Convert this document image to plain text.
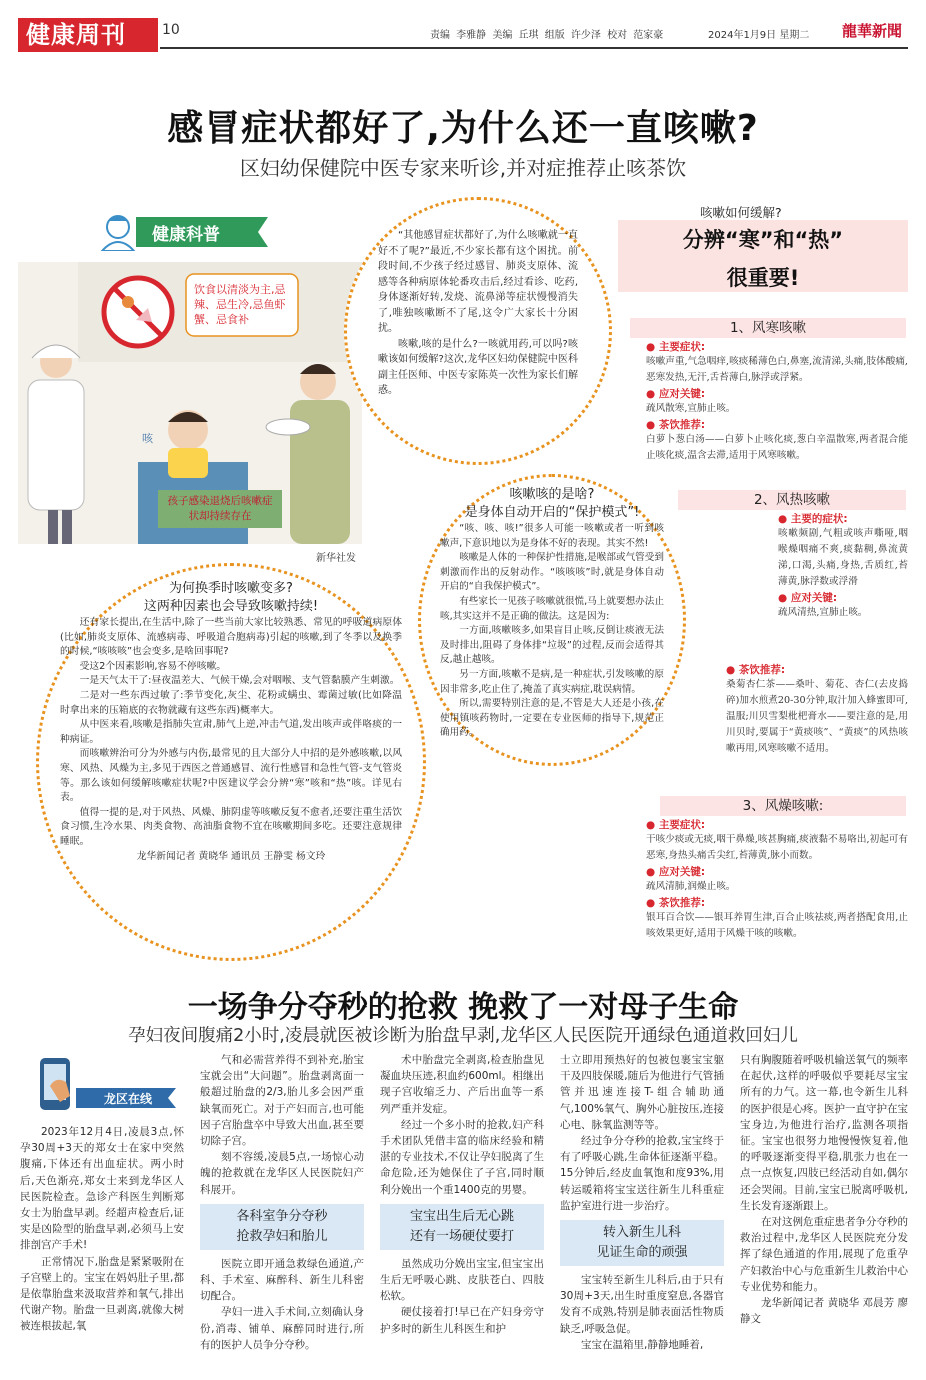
健康周刊	10	责编 李雅静 美编 丘琪 组版 许少泽 校对 范家豪	2024年1月9日 星期二 龍華新聞
感冒症状都好了,为什么还一直咳嗽?
区妇幼保健院中医专家来听诊,并对症推荐止咳茶饮
健康科普
饮食以清淡为主,忌辣、忌生冷,忌鱼虾蟹、忌食补
咳
孩子感染退烧后咳嗽症状却持续存在
新华社发

“其他感冒症状都好了,为什么咳嗽就一直好不了呢?”最近,不少家长都有这个困扰。前段时间,不少孩子经过感冒、肺炎支原体、流感等各种病原体轮番攻击后,经过看诊、吃药,身体逐渐好转,发烧、流鼻涕等症状慢慢消失了,唯独咳嗽断不了尾,这令广大家长十分困扰。

咳嗽,咳的是什么?一咳就用药,可以吗?咳嗽该如何缓解?这次,龙华区妇幼保健院中医科副主任医师、中医专家陈英一次性为家长们解惑。

咳嗽咳的是啥?
是身体自动开启的“保护模式”!

“咳、咳、咳!”很多人可能一咳嗽或者一听到咳嗽声,下意识地以为是身体不好的表现。其实不然!

咳嗽是人体的一种保护性措施,是喉部或气管受到刺激而作出的反射动作。“咳咳咳”时,就是身体自动开启的“自我保护模式”。

有些家长一见孩子咳嗽就很慌,马上就要想办法止咳,其实这并不是正确的做法。这是因为:

一方面,咳嗽咳多,如果盲目止咳,反倒让痰液无法及时排出,阻碍了身体排“垃圾”的过程,反而会适得其反,越止越咳。

另一方面,咳嗽不是病,是一种症状,引发咳嗽的原因非常多,吃止住了,掩盖了真实病症,耽误病情。

所以,需要特别注意的是,不管是大人还是小孩,在使用镇咳药物时,一定要在专业医师的指导下,规范正确用药。

为何换季时咳嗽变多?
这两种因素也会导致咳嗽持续!

还有家长提出,在生活中,除了一些当前大家比较熟悉、常见的呼吸道病原体(比如,肺炎支原体、流感病毒、呼吸道合胞病毒)引起的咳嗽,到了冬季以及换季的时候,“咳咳咳”也会变多,是啥回事呢?

受这2个因素影响,容易不停咳嗽。

一是天气太干了:昼夜温差大、气候干燥,会对咽喉、支气管黏膜产生刺激。

二是对一些东西过敏了:季节变化,灰尘、花粉或螨虫、霉菌过敏(比如降温时拿出来的压箱底的衣物就藏有这些东西)概率大。

从中医来看,咳嗽是指肺失宣肃,肺气上逆,冲击气道,发出咳声或伴咯痰的一种病证。

而咳嗽辨治可分为外感与内伤,最常见的且大部分人中招的是外感咳嗽,以风寒、风热、风燥为主,多见于西医之普通感冒、流行性感冒和急性气管-支气管炎等。那么该如何缓解咳嗽症状呢?中医建议学会分辨“寒”咳和“热”咳。详见右表。

值得一提的是,对于风热、风燥、肺阴虚等咳嗽反复不愈者,还要注重生活饮食习惯,生冷水果、肉类食物、高油脂食物不宜在咳嗽期间多吃。还要注意规律睡眠。

龙华新闻记者 黄晓华 通讯员 王静雯 杨文玲

咳嗽如何缓解?
分辨“寒”和“热”
很重要!
1、风寒咳嗽
● 主要症状:
咳嗽声重,气急咽痒,咳痰稀薄色白,鼻塞,流清涕,头痛,肢体酸痛,恶寒发热,无汗,舌苔薄白,脉浮或浮紧。
● 应对关键:
疏风散寒,宣肺止咳。
● 茶饮推荐:
白萝卜葱白汤——白萝卜止咳化痰,葱白辛温散寒,两者混合能止咳化痰,温含去滞,适用于风寒咳嗽。
2、风热咳嗽
● 主要的症状:
咳嗽频剧,气粗或咳声嘶哑,咽喉燥咽痛不爽,痰黏稠,鼻流黄涕,口渴,头痛,身热,舌质红,苔薄黄,脉浮数或浮滑
● 应对关键:
疏风清热,宣肺止咳。
● 茶饮推荐:
桑菊杏仁茶——桑叶、菊花、杏仁(去皮捣碎)加水煎煮20-30分钟,取汁加入蜂蜜即可,温服;川贝雪梨枇杷膏水——要注意的是,用川贝时,要属于“黄痰咳”、“黄痰”的风热咳嗽再用,风寒咳嗽不适用。
3、风燥咳嗽:
● 主要症状:
干咳少痰或无痰,咽干鼻燥,咳甚胸痛,痰液黏不易咯出,初起可有恶寒,身热头痛舌尖红,苔薄黄,脉小而数。
● 应对关键:
疏风清肺,润燥止咳。
● 茶饮推荐:
银耳百合饮——银耳养胃生津,百合止咳祛痰,两者搭配食用,止咳效果更好,适用于风燥干咳的咳嗽。
一场争分夺秒的抢救 挽救了一对母子生命
孕妇夜间腹痛2小时,凌晨就医被诊断为胎盘早剥,龙华区人民医院开通绿色通道救回妇儿
龙区在线

2023年12月4日,凌晨3点,怀孕30周+3天的郑女士在家中突然腹痛,下体还有出血症状。两小时后,天色渐亮,郑女士来到龙华区人民医院检查。急诊产科医生判断郑女士为胎盘早剥。经超声检查后,证实是凶险型的胎盘早剥,必须马上安排剖宫产手术!

正常情况下,胎盘是紧紧吸附在子宫壁上的。宝宝在妈妈肚子里,都是依靠胎盘来汲取营养和氧气,排出代谢产物。胎盘一旦剥离,就像大树被连根拔起,氧

气和必需营养得不到补充,胎宝宝就会出“大问题”。胎盘剥离面一般超过胎盘的2/3,胎儿多会因严重缺氧而死亡。对于产妇而言,也可能因子宫胎盘卒中导致大出血,甚至要切除子宫。

刻不容缓,凌晨5点,一场惊心动魄的抢救就在龙华区人民医院妇产科展开。

各科室争分夺秒
抢救孕妇和胎儿

医院立即开通急救绿色通道,产科、手术室、麻醉科、新生儿科密切配合。

孕妇一进入手术间,立刻确认身份,消毒、铺单、麻醉同时进行,所有的医护人员争分夺秒。

术中胎盘完全剥离,检查胎盘见凝血块压迹,积血约600ml。相继出现子宫收缩乏力、产后出血等一系列严重并发症。

经过一个多小时的抢救,妇产科手术团队凭借丰富的临床经验和精湛的专业技术,不仅让孕妇脱离了生命危险,还为她保住了子宫,同时顺利分娩出一个重1400克的男婴。

宝宝出生后无心跳
还有一场硬仗要打

虽然成功分娩出宝宝,但宝宝出生后无呼吸心跳、皮肤苍白、四肢松软。

硬仗接着打!早已在产妇身旁守护多时的新生儿科医生和护

士立即用预热好的包被包裹宝宝躯干及四肢保暖,随后为他进行气管插管并迅速连接T-组合辅助通气,100%氧气、胸外心脏按压,连接心电、脉氧监测等等。

经过争分夺秒的抢救,宝宝终于有了呼吸心跳,生命体征逐渐平稳。15分钟后,经皮血氧饱和度93%,用转运暖箱将宝宝送往新生儿科重症监护室进行进一步治疗。

转入新生儿科
见证生命的顽强

宝宝转至新生儿科后,由于只有30周+3天,出生时重度窒息,各器官发育不成熟,特别是肺表面活性物质缺乏,呼吸急促。

宝宝在温箱里,静静地睡着,

只有胸腹随着呼吸机输送氧气的频率在起伏,这样的呼吸似乎要耗尽宝宝所有的力气。这一幕,也令新生儿科的医护很是心疼。医护一直守护在宝宝身边,为他进行治疗,监测各项指征。宝宝也很努力地慢慢恢复着,他的呼吸逐渐变得平稳,肌张力也在一点一点恢复,四肢已经活动自如,偶尔还会哭闹。目前,宝宝已脱离呼吸机,生长发育逐渐跟上。

在对这例危重症患者争分夺秒的救治过程中,龙华区人民医院充分发挥了绿色通道的作用,展现了危重孕产妇救治中心与危重新生儿救治中心专业优势和能力。

龙华新闻记者 黄晓华 邓晨芳 廖静文
